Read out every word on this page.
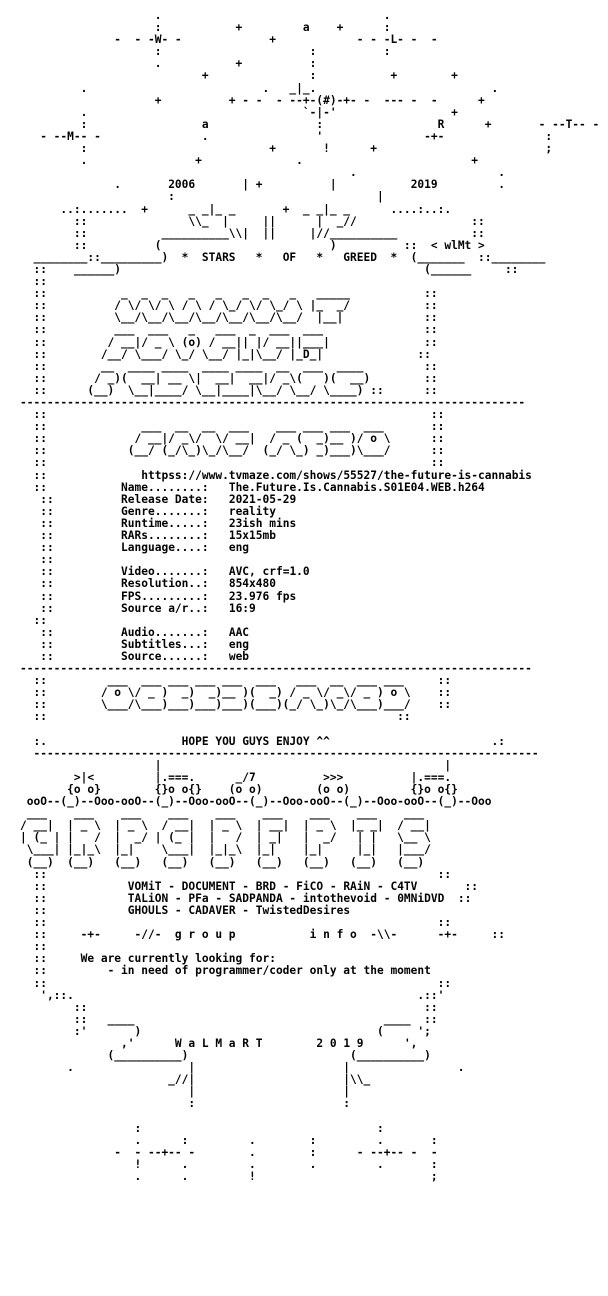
.                                 .
:           +         a    +      :
-  - -W- -             +            - - -L- -  -
:                      :          :
.           +          :
+               :           +        +
.                          .   _|_.                          .
+          + - -  - --+-(#)-+- -  --- -  -      +
.                                `-|-'                 +
:                 a                :                 R      +       - --T-- -
- --M-- -               .                '               -+-               :
:                           +       !      +                         ;
.                +              .                         +
.                     .
.       2006       | +          |           2019	.
:                              |
..:.......  +      _ _|_ _       +  _ _|_ _      ....:..:.
::               \\_  |     ||      |  _//                 ::
::           __________\\|  ||     |//__________           ::
::          (                         )          ::  < wlMt >
________::_________)  *  STARS   *   OF   *   GREED  *  (_______  ::________
::    ______)                                             (______     ::
::
::           _  _  _   _   _   _  _   _   _____           ::
::          / \/ \/ \ / \ / \_/ \/ \_/ \ |_  _/           ::
::          \__/\__/\__/\__/\__/\__/\__/  |__|            ::
::          ___  ___   _   ___  _  ___  ___               ::
::         / __|/ _ \ (o) / __|| |/ __||___|              ::
::        /__/ \___/ \_/ \__/ |_|\__/ |_D_|              ::
::        __  ____ ____  ____ ____  __  ___  ____         ::
::       / _)(  __| __ \|  __|  __|/ _\(   )(  __)        ::
::      (__)  \__|____/ \__|____|\__/ \__/ \____) ::      ::
---------------------------------------------------------------------------
::                                                         ::
::              ___  __  __  ___    ___ ___ ___  ___       ::
::             / __|/ _\/  \/ __|  / _ (  _)__ )/ o \      ::
::            (__/ (_/\_)\_/\__/  (_/ \_) _)___)\___/      ::
::                                                         ::
::              httpss://www.tvmaze.com/shows/55527/the-future-is-cannabis
::           Name........: The.Future.Is.Cannabis.S01E04.WEB.h264
::          Release Date: 2021-05-29
::          Genre.......: reality
::          Runtime.....: 23ish mins
::          RARs........: 15x15mb
::          Language....: eng
::
::          Video.......: AVC, crf=1.0
::          Resolution..: 854x480
::          FPS.........: 23.976 fps
::          Source a/r..: 16:9
::
::          Audio.......: AAC
::          Subtitles...: eng
::          Source......: web
----------------------------------------------------------------------------
::         ___  ___ ___ ___ ___  ___   ___  __  ___ ___     ::
::        / o \/ _ )  _)  _)__ )(  _) / _ \/ _\/ _ ) o \    ::
::        \___/\___)___)___)___)(___)(_/ \_)\_/\___)___/    ::
::                                                    ::

:.                    HOPE YOU GUYS ENJOY ^^	.:
---------------------------------------------------------------------------
|                                          |
>|<         |.===.      _/7          >>>          |.===.
{o o}        {}o o{}    (o o)        (o o)         {}o o{}
ooO--(_)--Ooo-ooO--(_)--Ooo-ooO--(_)--Ooo-ooO--(_)--Ooo-ooO--(_)--Ooo
___    ___    ___    ___    ___    ___    ___    ___    ___
/ __|  | _ \  | _ \  / __|  | _ \  | __|  | _ \  |_ _|  / __|
| (_ | |   /  |  _/ | (_ |  |   /  | _|   |  _/   | |   \__ \
\___| |_|_\  |_|    \___|  |_|_\  |_|    |_|     |_|   |___/
(__)  (__)   (__)   (__)   (__)   (__)   (__)   (__)   (__)
::                                                          ::
::	VOMiT - DOCUMENT - BRD - FiCO - RAiN - C4TV	::
::	TALiON - PFa - SADPANDA - intothevoid - 0MNiDVD  ::
::	GHOULS - CADAVER - TwistedDesires
::                                                          ::
::     -+-     -//-  g r o u p           i n f o  -\\-      -+-     ::
::
::	We are currently looking for:
::	- in need of programmer/coder only at the moment
::                                                          ::
',::.                                                   .::'
::                                                  ::
::   ____                                     ____  ::
:'       )                                   (     ';
,'	W a L M a R T	2 0 1 9	',
(__________)                        (__________)
.                 |                      |                .
_//|                      |\\_
|                      |
:                      :

:                                   :
.      :         .        :         .       :
-  - --+-- -        .        :      - --+-- -  -
!      .         .        .         .       :
.      .         !                          ;
